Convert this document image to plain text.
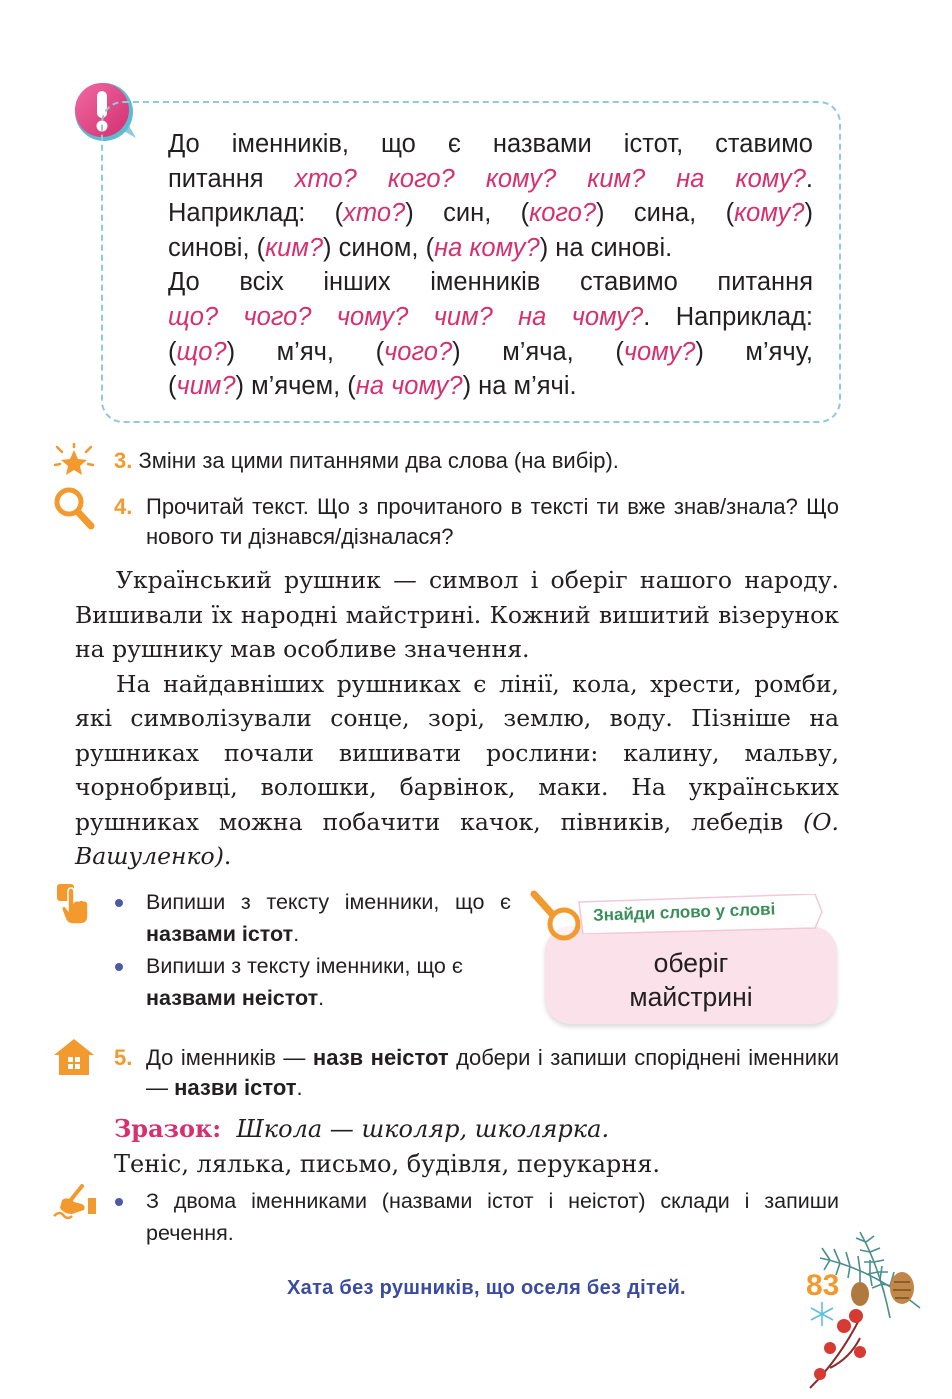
До іменників, що є назвами істот, ставимо

питання хто? кого? кому? ким? на кому?.

Наприклад: (хто?) син, (кого?) сина, (кому?)

синові, (ким?) сином, (на кому?) на синові.

До всіх інших іменників ставимо питання

що? чого? чому? чим? на чому?. Наприклад:

(що?) м’яч, (чого?) м’яча, (чому?) м’ячу,

(чим?) м’ячем, (на чому?) на м’ячі.

3. Зміни за цими питаннями два слова (на вибір).
4. Прочитай текст. Що з прочитаного в тексті ти вже знав/знала? Що нового ти дізнався/дізналася?

Український рушник — символ і оберіг нашого народу. Вишивали їх народні майстрині. Кожний вишитий візерунок на рушнику мав особливе значення.

На найдавніших рушниках є лінії, кола, хрести, ромби, які символізували сонце, зорі, землю, воду. Пізніше на рушниках почали вишивати рослини: калину, мальву, чорнобривці, волошки, барвінок, маки. На українських рушниках можна побачити качок, півників, лебедів (О. Вашуленко).

Випиши з тексту іменники, що є назвами істот.
Випиши з тексту іменники, що є назвами неістот.
Знайди слово у слові
оберіг
майстрині
5. До іменників — назв неістот добери і запиши споріднені іменники — назви істот.
Зразок: Школа — школяр, школярка.
Теніс, лялька, письмо, будівля, перукарня.
З двома іменниками (назвами істот і неістот) склади і запиши речення.
Хата без рушників, що оселя без дітей.	83
